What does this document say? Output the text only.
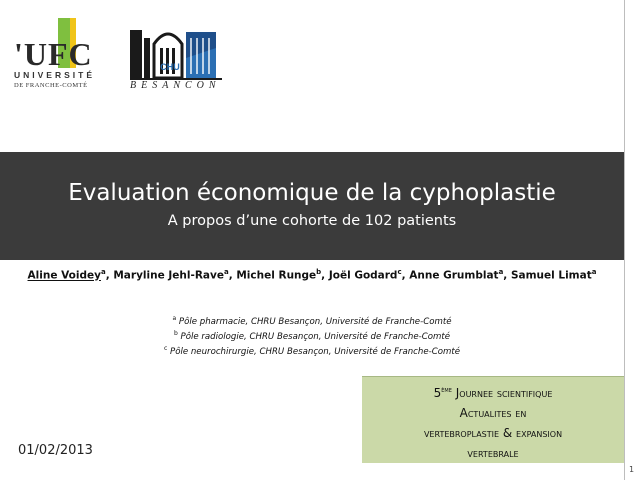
'UFC
UNIVERSITÉ
DE FRANCHE-COMTÉ
CHU
BESANCON
Evaluation économique de la cyphoplastie
A propos d’une cohorte de 102 patients
Aline Voidey$^a$, Maryline Jehl-Rave$^a$, Michel Runge$^b$, Joël Godard$^c$, Anne Grumblat$^a$, Samuel Limat$^a$
$^a$ Pôle pharmacie, CHRU Besançon, Université de Franche-Comté
$^b$ Pôle radiologie, CHRU Besançon, Université de Franche-Comté
$^c$ Pôle neurochirurgie, CHRU Besançon, Université de Franche-Comté
5ème Journee scientifique
Actualites en
vertebroplastie & expansion
vertebrale
01/02/2013
1
